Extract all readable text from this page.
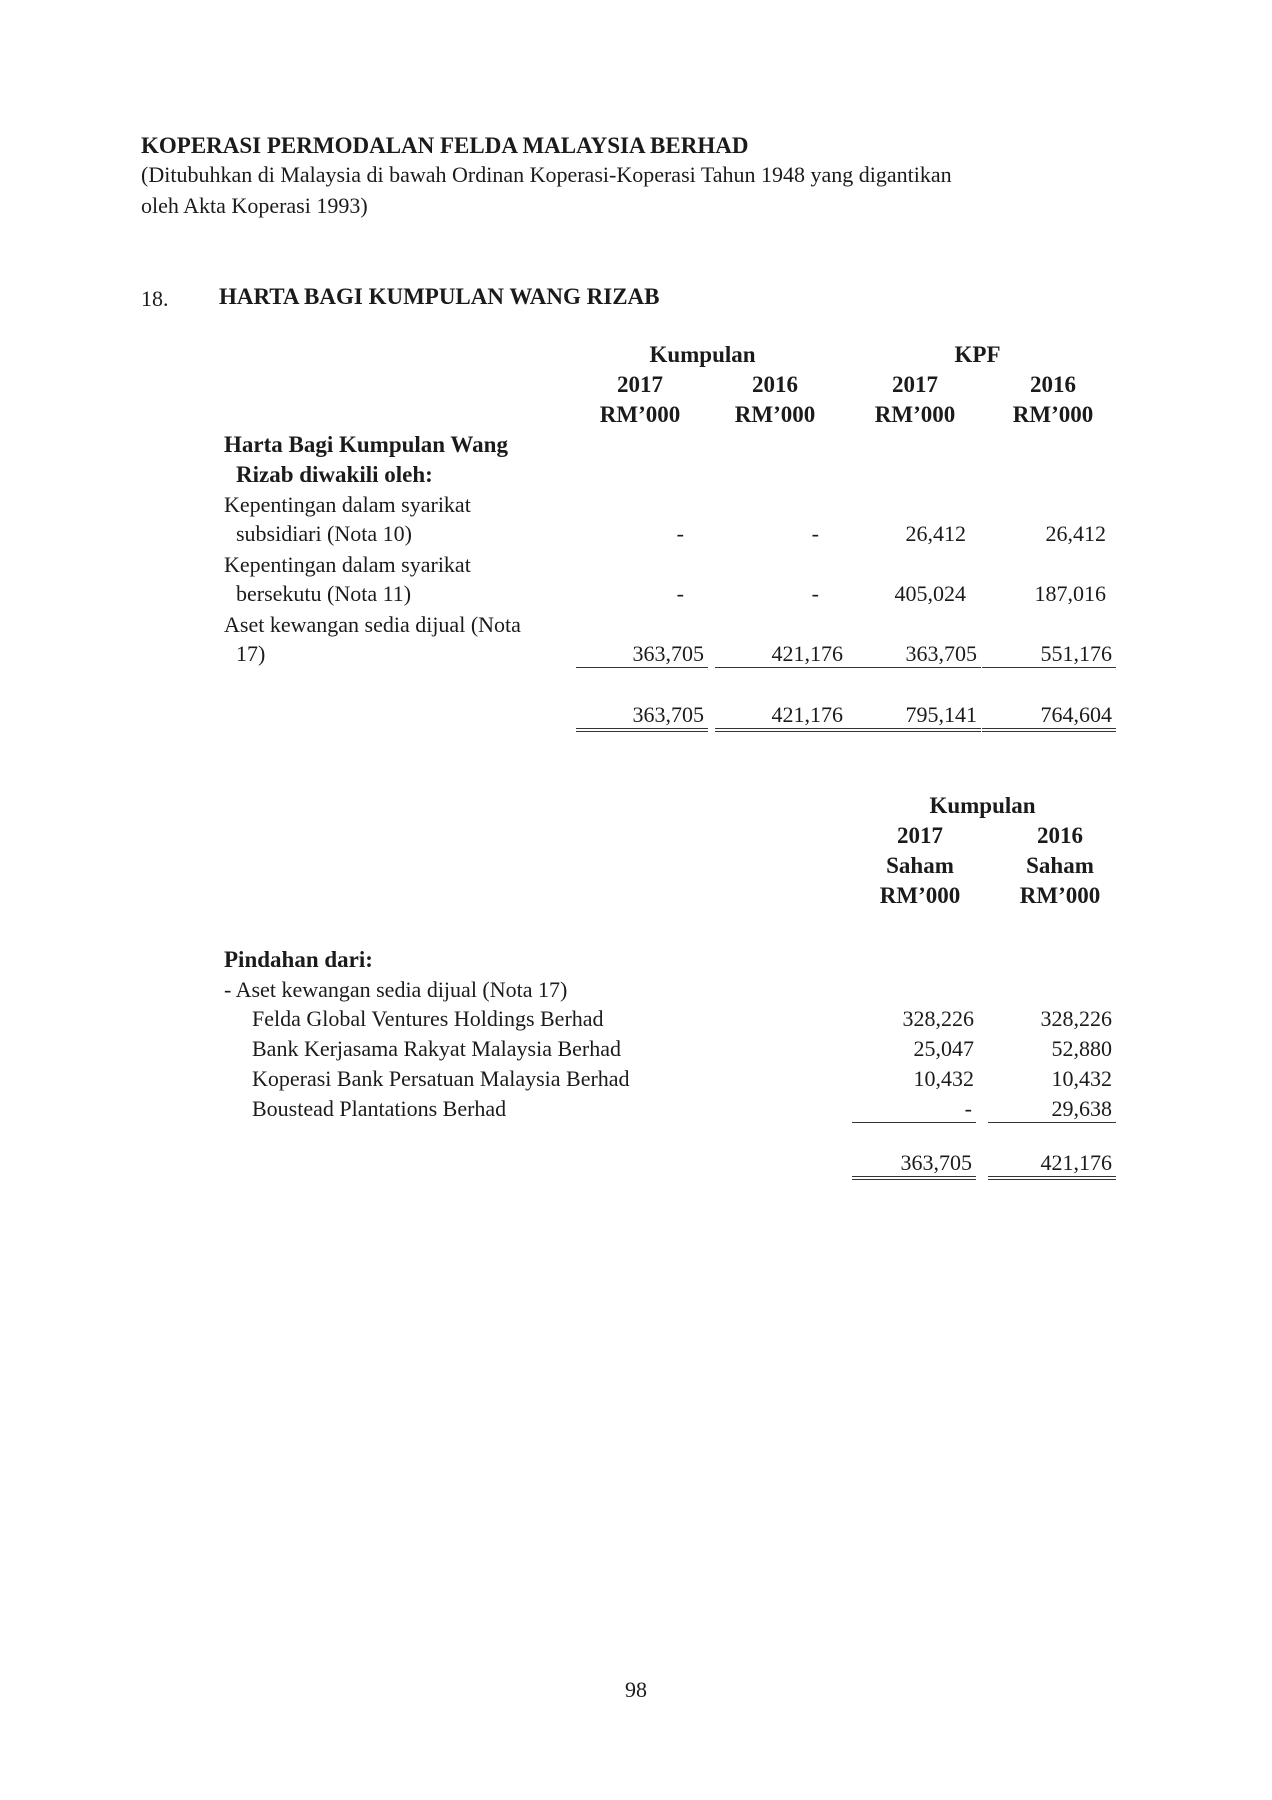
KOPERASI PERMODALAN FELDA MALAYSIA BERHAD
(Ditubuhkan di Malaysia di bawah Ordinan Koperasi-Koperasi Tahun 1948 yang digantikan
oleh Akta Koperasi 1993)
18. HARTA BAGI KUMPULAN WANG RIZAB
Kumpulan	KPF
2017	2016	2017	2016
RM’000	RM’000	RM’000	RM’000
Harta Bagi Kumpulan Wang
Rizab diwakili oleh:
Kepentingan dalam syarikat
subsidiari (Nota 10)	-	-	26,412	26,412
Kepentingan dalam syarikat
bersekutu (Nota 11)	-	-	405,024	187,016
Aset kewangan sedia dijual (Nota
17)	363,705	421,176	363,705	551,176
363,705	421,176	795,141	764,604
Kumpulan
2017	2016
Saham	Saham
RM’000	RM’000
Pindahan dari:
- Aset kewangan sedia dijual (Nota 17)
Felda Global Ventures Holdings Berhad	328,226	328,226
Bank Kerjasama Rakyat Malaysia Berhad	25,047	52,880
Koperasi Bank Persatuan Malaysia Berhad	10,432	10,432
Boustead Plantations Berhad	-	29,638
363,705	421,176
98
